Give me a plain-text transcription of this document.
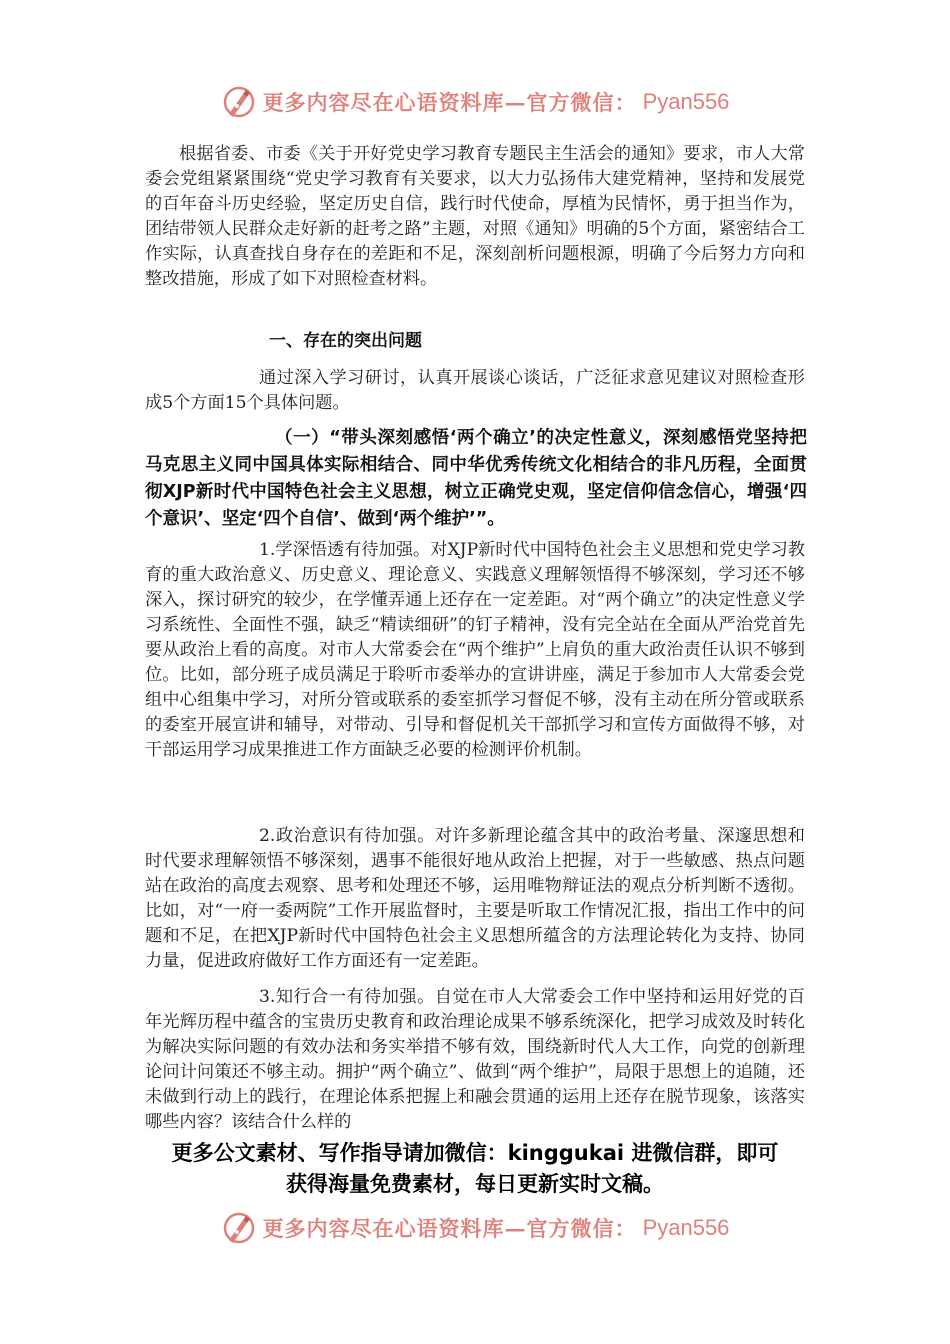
更多内容尽在心语资料库—官方微信： Pyan556

根据省委、市委《关于开好党史学习教育专题民主生活会的通知》要求，市人大常委会党组紧紧围绕“党史学习教育有关要求，以大力弘扬伟大建党精神，坚持和发展党的百年奋斗历史经验，坚定历史自信，践行时代使命，厚植为民情怀，勇于担当作为，团结带领人民群众走好新的赶考之路”主题，对照《通知》明确的5个方面，紧密结合工作实际，认真查找自身存在的差距和不足，深刻剖析问题根源，明确了今后努力方向和整改措施，形成了如下对照检查材料。

一、存在的突出问题

通过深入学习研讨，认真开展谈心谈话，广泛征求意见建议对照检查形成5个方面15个具体问题。

（一）“带头深刻感悟‘两个确立’的决定性意义，深刻感悟党坚持把马克思主义同中国具体实际相结合、同中华优秀传统文化相结合的非凡历程，全面贯彻XJP新时代中国特色社会主义思想，树立正确党史观，坚定信仰信念信心，增强‘四个意识’、坚定‘四个自信’、做到‘两个维护’”。

1.学深悟透有待加强。对XJP新时代中国特色社会主义思想和党史学习教育的重大政治意义、历史意义、理论意义、实践意义理解领悟得不够深刻，学习还不够深入，探讨研究的较少，在学懂弄通上还存在一定差距。对“两个确立”的决定性意义学习系统性、全面性不强，缺乏“精读细研”的钉子精神，没有完全站在全面从严治党首先要从政治上看的高度。对市人大常委会在“两个维护”上肩负的重大政治责任认识不够到位。比如，部分班子成员满足于聆听市委举办的宣讲讲座，满足于参加市人大常委会党组中心组集中学习，对所分管或联系的委室抓学习督促不够，没有主动在所分管或联系的委室开展宣讲和辅导，对带动、引导和督促机关干部抓学习和宣传方面做得不够，对干部运用学习成果推进工作方面缺乏必要的检测评价机制。

2.政治意识有待加强。对许多新理论蕴含其中的政治考量、深邃思想和时代要求理解领悟不够深刻，遇事不能很好地从政治上把握，对于一些敏感、热点问题站在政治的高度去观察、思考和处理还不够，运用唯物辩证法的观点分析判断不透彻。比如，对“一府一委两院”工作开展监督时，主要是听取工作情况汇报，指出工作中的问题和不足，在把XJP新时代中国特色社会主义思想所蕴含的方法理论转化为支持、协同力量，促进政府做好工作方面还有一定差距。

3.知行合一有待加强。自觉在市人大常委会工作中坚持和运用好党的百年光辉历程中蕴含的宝贵历史教育和政治理论成果不够系统深化，把学习成效及时转化为解决实际问题的有效办法和务实举措不够有效，围绕新时代人大工作，向党的创新理论问计问策还不够主动。拥护“两个确立”、做到“两个维护”，局限于思想上的追随，还未做到行动上的践行，在理论体系把握上和融会贯通的运用上还存在脱节现象，该落实哪些内容？该结合什么样的

更多公文素材、写作指导请加微信：kinggukai 进微信群，即可
获得海量免费素材，每日更新实时文稿。
更多内容尽在心语资料库—官方微信： Pyan556
